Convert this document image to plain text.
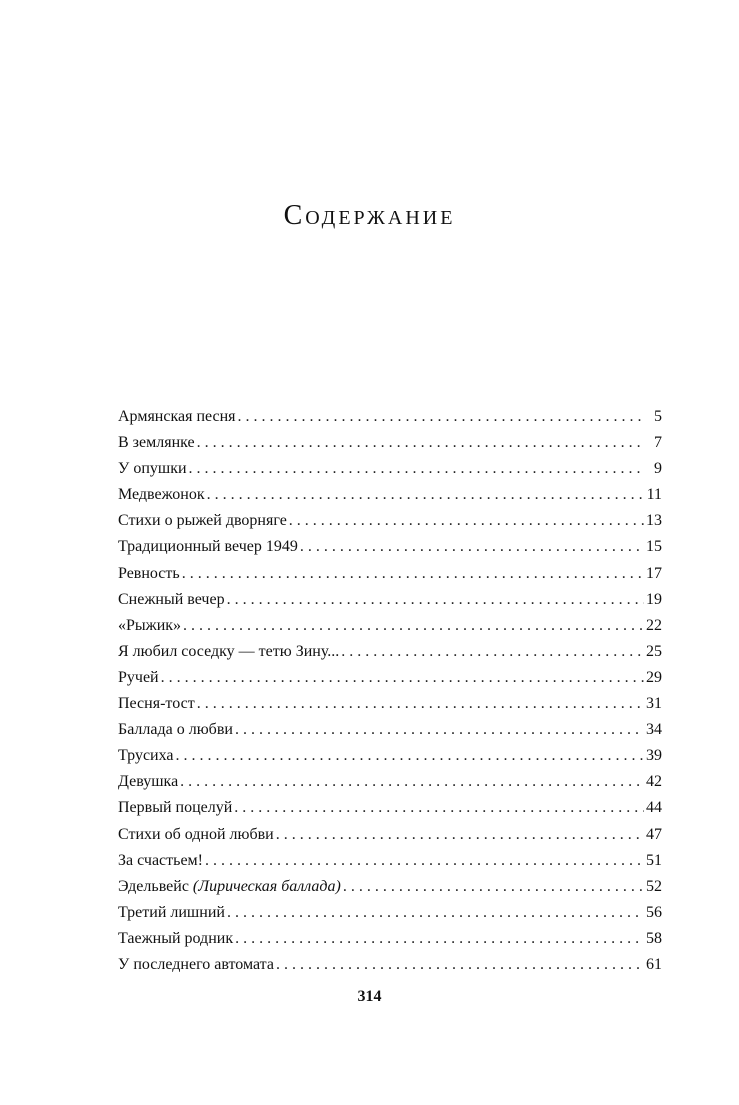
Содержание
Армянская песня . . .	5
В землянке . . .	7
У опушки . . .	9
Медвежонок . . .	11
Стихи о рыжей дворняге . . .	13
Традиционный вечер 1949 . . .	15
Ревность . . .	17
Снежный вечер . . .	19
«Рыжик» . . .	22
Я любил соседку — тетю Зину... . . .	25
Ручей . . .	29
Песня-тост . . .	31
Баллада о любви . . .	34
Трусиха . . .	39
Девушка . . .	42
Первый поцелуй . . .	44
Стихи об одной любви . . .	47
За счастьем! . . .	51
Эдельвейс (Лирическая баллада) . . .	52
Третий лишний . . .	56
Таежный родник . . .	58
У последнего автомата . . .	61
314
